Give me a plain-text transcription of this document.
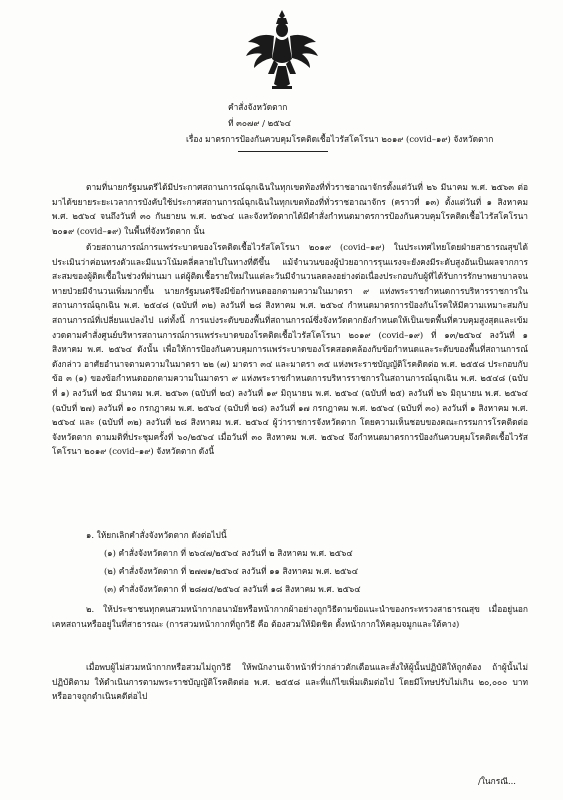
คำสั่งจังหวัดตาก
ที่ ๓๐๗๙ / ๒๕๖๔
เรื่อง มาตรการป้องกันควบคุมโรคติดเชื้อไวรัสโคโรนา ๒๐๑๙ (covid–๑๙) จังหวัดตาก
ตามที่นายกรัฐมนตรีได้มีประกาศสถานการณ์ฉุกเฉินในทุกเขตท้องที่ทั่วราชอาณาจักรตั้งแต่วันที่ ๒๖ มีนาคม พ.ศ. ๒๕๖๓ ต่อมาได้ขยายระยะเวลาการบังคับใช้ประกาศสถานการณ์ฉุกเฉินในทุกเขตท้องที่ทั่วราชอาณาจักร (คราวที่ ๑๓) ตั้งแต่วันที่ ๑ สิงหาคม พ.ศ. ๒๕๖๔ จนถึงวันที่ ๓๐ กันยายน พ.ศ. ๒๕๖๔ และจังหวัดตากได้มีคำสั่งกำหนดมาตรการป้องกันควบคุมโรคติดเชื้อไวรัสโคโรนา ๒๐๑๙ (covid–๑๙) ในพื้นที่จังหวัดตาก นั้น
ด้วยสถานการณ์การแพร่ระบาดของโรคติดเชื้อไวรัสโคโรนา ๒๐๑๙ (covid–๑๙) ในประเทศไทยโดยฝ่ายสาธารณสุขได้ประเมินว่าค่อนทรงตัวและมีแนวโน้มคลี่คลายไปในทางที่ดีขึ้น แม้จำนวนของผู้ป่วยอาการรุนแรงจะยังคงมีระดับสูงอันเป็นผลจากการสะสมของผู้ติดเชื้อในช่วงที่ผ่านมา แต่ผู้ติดเชื้อรายใหม่ในแต่ละวันมีจำนวนลดลงอย่างต่อเนื่องประกอบกับผู้ที่ได้รับการรักษาพยาบาลจนหายป่วยมีจำนวนเพิ่มมากขึ้น นายกรัฐมนตรีจึงมีข้อกำหนดออกตามความในมาตรา ๙ แห่งพระราชกำหนดการบริหารราชการในสถานการณ์ฉุกเฉิน พ.ศ. ๒๕๔๘ (ฉบับที่ ๓๒) ลงวันที่ ๒๘ สิงหาคม พ.ศ. ๒๕๖๔ กำหนดมาตรการป้องกันโรคให้มีความเหมาะสมกับสถานการณ์ที่เปลี่ยนแปลงไป แต่ทั้งนี้ การแบ่งระดับของพื้นที่สถานการณ์ซึ่งจังหวัดตากยังกำหนดให้เป็นเขตพื้นที่ควบคุมสูงสุดและเข้มงวดตามคำสั่งศูนย์บริหารสถานการณ์การแพร่ระบาดของโรคติดเชื้อไวรัสโคโรนา ๒๐๑๙ (covid–๑๙) ที่ ๑๓/๒๕๖๔ ลงวันที่ ๑ สิงหาคม พ.ศ. ๒๕๖๔ ดังนั้น เพื่อให้การป้องกันควบคุมการแพร่ระบาดของโรคสอดคล้องกับข้อกำหนดและระดับของพื้นที่สถานการณ์ดังกล่าว อาศัยอำนาจตามความในมาตรา ๒๒ (๗) มาตรา ๓๔ และมาตรา ๓๕ แห่งพระราชบัญญัติโรคติดต่อ พ.ศ. ๒๕๕๘ ประกอบกับข้อ ๓ (๑) ของข้อกำหนดออกตามความในมาตรา ๙ แห่งพระราชกำหนดการบริหารราชการในสถานการณ์ฉุกเฉิน พ.ศ. ๒๕๔๘ (ฉบับที่ ๑) ลงวันที่ ๒๕ มีนาคม พ.ศ. ๒๕๖๓ (ฉบับที่ ๒๔) ลงวันที่ ๑๙ มิถุนายน พ.ศ. ๒๕๖๔ (ฉบับที่ ๒๕) ลงวันที่ ๒๖ มิถุนายน พ.ศ. ๒๕๖๔ (ฉบับที่ ๒๗) ลงวันที่ ๑๐ กรกฎาคม พ.ศ. ๒๕๖๔ (ฉบับที่ ๒๘) ลงวันที่ ๑๗ กรกฎาคม พ.ศ. ๒๕๖๔ (ฉบับที่ ๓๐) ลงวันที่ ๑ สิงหาคม พ.ศ. ๒๕๖๔ และ (ฉบับที่ ๓๒) ลงวันที่ ๒๘ สิงหาคม พ.ศ. ๒๕๖๔ ผู้ว่าราชการจังหวัดตาก โดยความเห็นชอบของคณะกรรมการโรคติดต่อจังหวัดตาก ตามมติที่ประชุมครั้งที่ ๖๐/๒๕๖๔ เมื่อวันที่ ๓๐ สิงหาคม พ.ศ. ๒๕๖๔ จึงกำหนดมาตรการป้องกันควบคุมโรคติดเชื้อไวรัสโคโรนา ๒๐๑๙ (covid–๑๙) จังหวัดตาก ดังนี้
๑. ให้ยกเลิกคำสั่งจังหวัดตาก ดังต่อไปนี้
(๑) คำสั่งจังหวัดตาก ที่ ๒๖๔๗/๒๕๖๔ ลงวันที่ ๒ สิงหาคม พ.ศ. ๒๕๖๔
(๒) คำสั่งจังหวัดตาก ที่ ๒๗๗๑/๒๕๖๔ ลงวันที่ ๑๑ สิงหาคม พ.ศ. ๒๕๖๔
(๓) คำสั่งจังหวัดตาก ที่ ๒๘๗๔/๒๕๖๔ ลงวันที่ ๑๘ สิงหาคม พ.ศ. ๒๕๖๔
๒. ให้ประชาชนทุกคนสวมหน้ากากอนามัยหรือหน้ากากผ้าอย่างถูกวิธีตามข้อแนะนำของกระทรวงสาธารณสุข เมื่ออยู่นอกเคหสถานหรืออยู่ในที่สาธารณะ (การสวมหน้ากากที่ถูกวิธี คือ ต้องสวมให้มิดชิด ตั้งหน้ากากให้คลุมจมูกและใต้คาง)
เมื่อพบผู้ไม่สวมหน้ากากหรือสวมไม่ถูกวิธี ให้พนักงานเจ้าหน้าที่ว่ากล่าวตักเตือนและสั่งให้ผู้นั้นปฏิบัติให้ถูกต้อง ถ้าผู้นั้นไม่ปฏิบัติตาม ให้ดำเนินการตามพระราชบัญญัติโรคติดต่อ พ.ศ. ๒๕๕๘ และที่แก้ไขเพิ่มเติมต่อไป โดยมีโทษปรับไม่เกิน ๒๐,๐๐๐ บาท หรืออาจถูกดำเนินคดีต่อไป
/ในกรณี...
